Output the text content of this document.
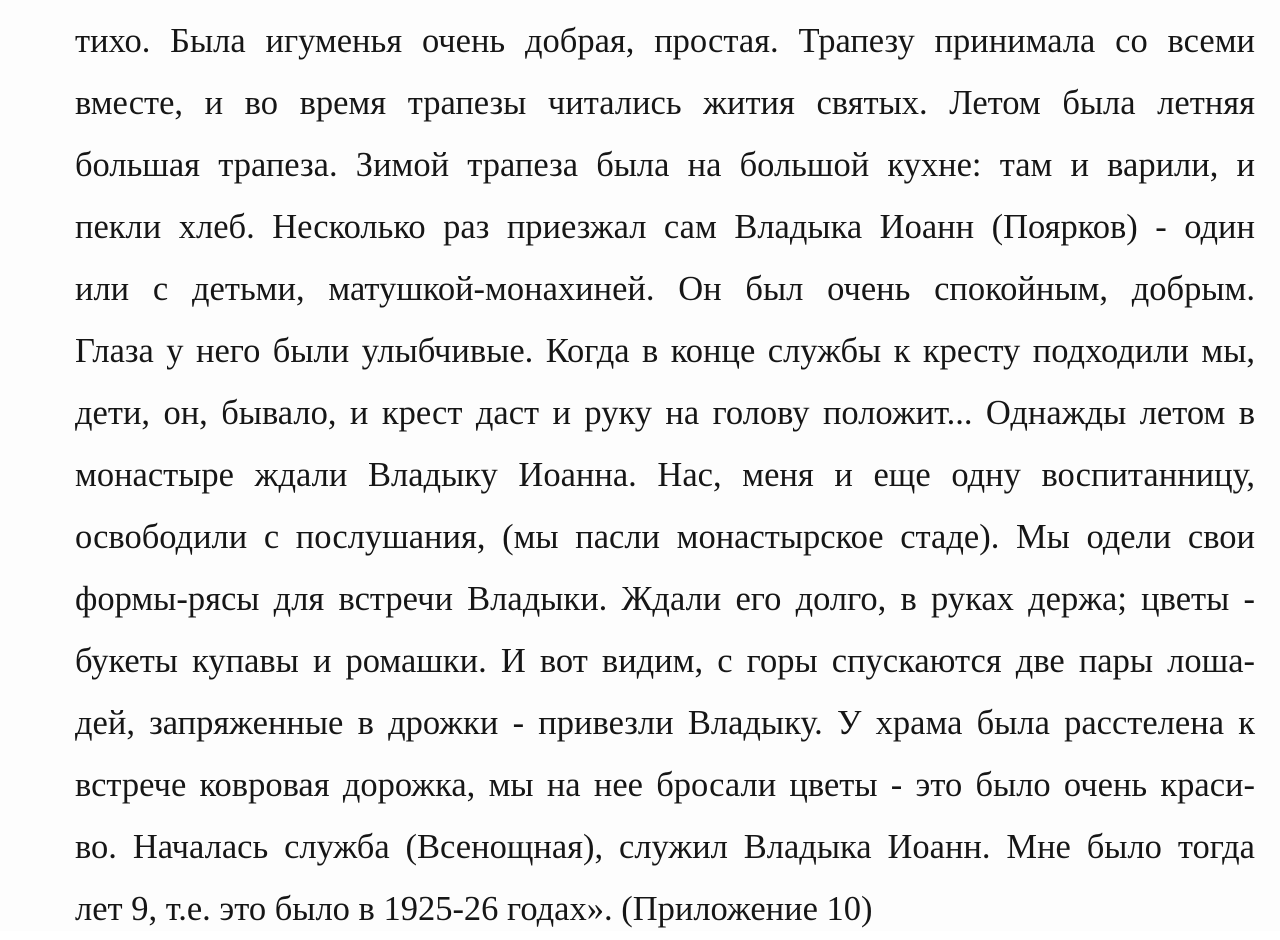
тихо. Была игуменья очень добрая, простая. Трапезу принимала со всеми
вместе, и во время трапезы читались жития святых. Летом была летняя
большая трапеза. Зимой трапеза была на большой кухне: там и варили, и
пекли хлеб. Несколько раз приезжал сам Владыка Иоанн (Поярков) - один
или с детьми, матушкой-монахиней. Он был очень спокойным, добрым.
Глаза у него были улыбчивые. Когда в конце службы к кресту подходили мы,
дети, он, бывало, и крест даст и руку на голову положит... Однажды летом в
монастыре ждали Владыку Иоанна. Нас, меня и еще одну воспитанницу,
освободили с послушания, (мы пасли монастырское стаде). Мы одели свои
формы-рясы для встречи Владыки. Ждали его долго, в руках держа; цветы -
букеты купавы и ромашки. И вот видим, с горы спускаются две пары лоша-
дей, запряженные в дрожки - привезли Владыку. У храма была расстелена к
встрече ковровая дорожка, мы на нее бросали цветы - это было очень краси-
во. Началась служба (Всенощная), служил Владыка Иоанн. Мне было тогда
лет 9, т.е. это было в 1925-26 годах». (Приложение 10)
